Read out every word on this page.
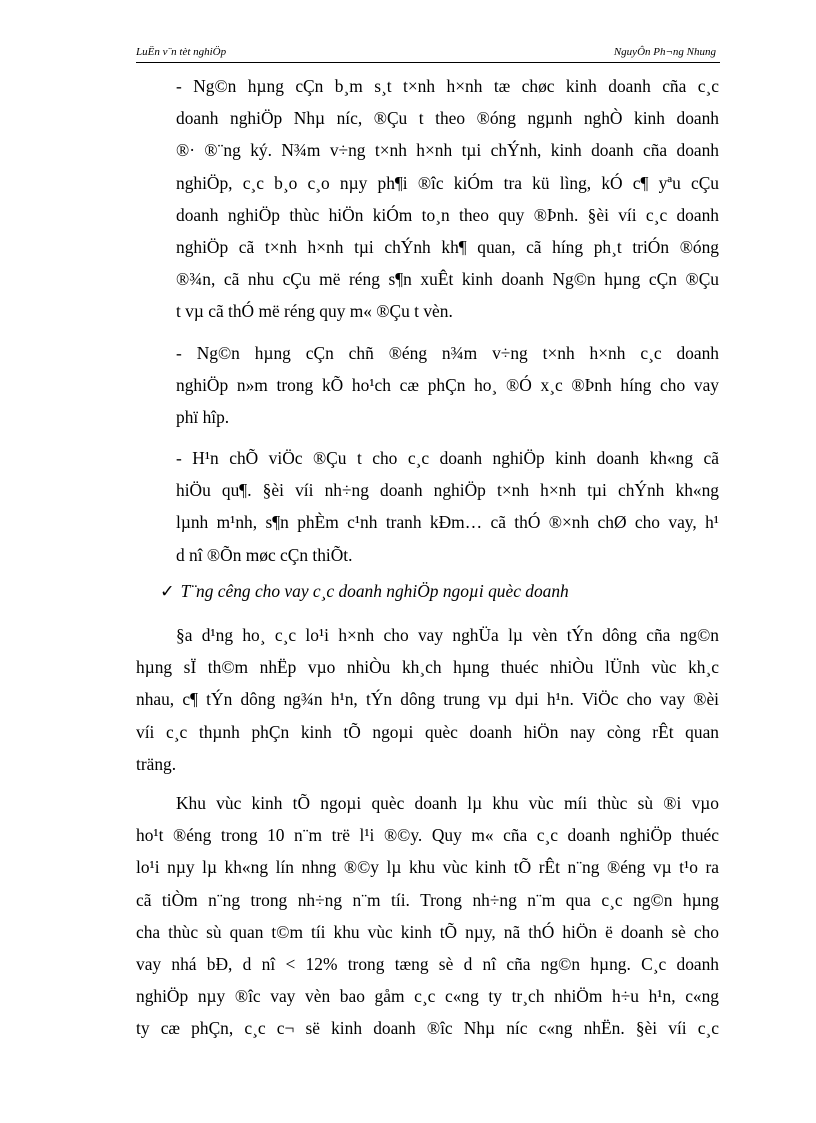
LuËn v¨n tèt nghiÖp	NguyÔn Ph¬ng Nhung
- Ng©n hµng cÇn b¸m s¸t t×nh h×nh tæ chøc kinh doanh cña c¸c
doanh nghiÖp Nhµ níc, ®Çu t theo ®óng ngµnh nghÒ kinh doanh
®· ®¨ng ký. N¾m v÷ng t×nh h×nh tµi chÝnh, kinh doanh cña doanh
nghiÖp, c¸c b¸o c¸o nµy ph¶i ®îc kiÓm tra kü lìng, kÓ c¶ yªu cÇu
doanh nghiÖp thùc hiÖn kiÓm to¸n theo quy ®Þnh. §èi víi c¸c doanh
nghiÖp cã t×nh h×nh tµi chÝnh kh¶ quan, cã híng ph¸t triÓn ®óng
®¾n, cã nhu cÇu më réng s¶n xuÊt kinh doanh Ng©n hµng cÇn ®Çu
t vµ cã thÓ më réng quy m« ®Çu t vèn.
- Ng©n hµng cÇn chñ ®éng n¾m v÷ng t×nh h×nh c¸c doanh
nghiÖp n»m trong kÕ ho¹ch cæ phÇn ho¸ ®Ó x¸c ®Þnh híng cho vay
phï hîp.
- H¹n chÕ viÖc ®Çu t cho c¸c doanh nghiÖp kinh doanh kh«ng cã
hiÖu qu¶. §èi víi nh÷ng doanh nghiÖp t×nh h×nh tµi chÝnh kh«ng
lµnh m¹nh, s¶n phÈm c¹nh tranh kÐm… cã thÓ ®×nh chØ cho vay, h¹
d nî ®Õn møc cÇn thiÕt.
✓ T¨ng cêng cho vay c¸c doanh nghiÖp ngoµi quèc doanh
§a d¹ng ho¸ c¸c lo¹i h×nh cho vay nghÜa lµ vèn tÝn dông cña ng©n
hµng sÏ th©m nhËp vµo nhiÒu kh¸ch hµng thuéc nhiÒu lÜnh vùc kh¸c
nhau, c¶ tÝn dông ng¾n h¹n, tÝn dông trung vµ dµi h¹n. ViÖc cho vay ®èi
víi c¸c thµnh phÇn kinh tÕ ngoµi quèc doanh hiÖn nay còng rÊt quan
träng.
Khu vùc kinh tÕ ngoµi quèc doanh lµ khu vùc míi thùc sù ®i vµo
ho¹t ®éng trong 10 n¨m trë l¹i ®©y. Quy m« cña c¸c doanh nghiÖp thuéc
lo¹i nµy lµ kh«ng lín nhng ®©y lµ khu vùc kinh tÕ rÊt n¨ng ®éng vµ t¹o ra
cã tiÒm n¨ng trong nh÷ng n¨m tíi. Trong nh÷ng n¨m qua c¸c ng©n hµng
cha thùc sù quan t©m tíi khu vùc kinh tÕ nµy, nã thÓ hiÖn ë doanh sè cho
vay nhá bÐ, d nî < 12% trong tæng sè d nî cña ng©n hµng. C¸c doanh
nghiÖp nµy ®îc vay vèn bao gåm c¸c c«ng ty tr¸ch nhiÖm h÷u h¹n, c«ng
ty cæ phÇn, c¸c c¬ së kinh doanh ®îc Nhµ níc c«ng nhËn. §èi víi c¸c
